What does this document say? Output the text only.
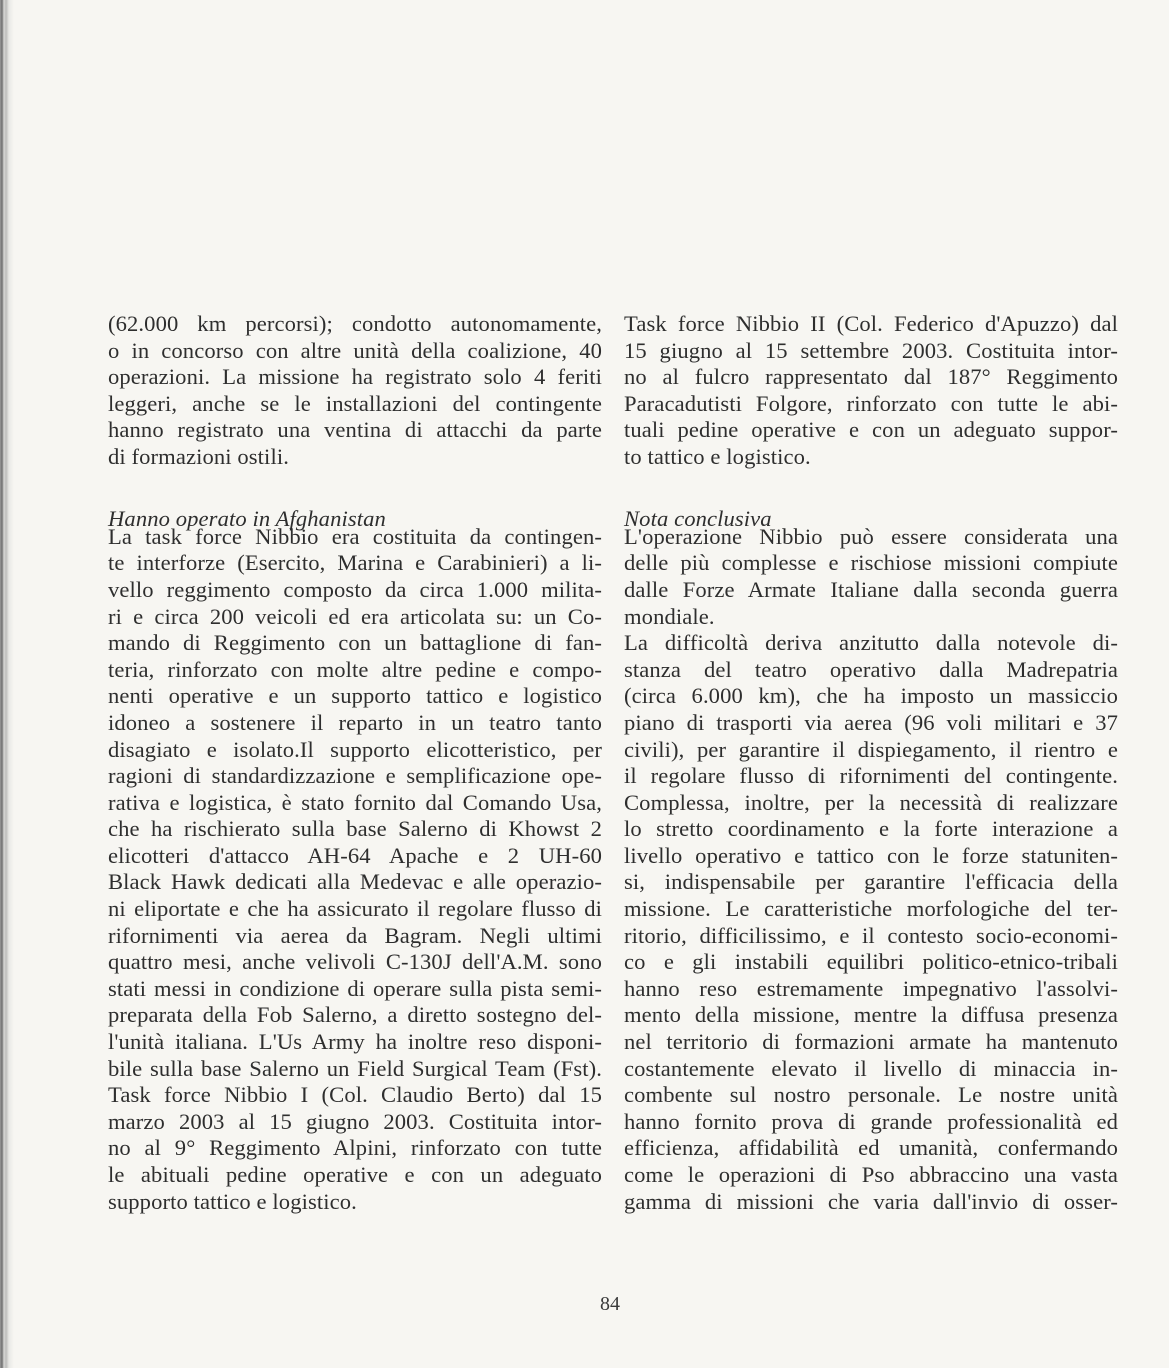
(62.000 km percorsi); condotto autonomamente,
o in concorso con altre unità della coalizione, 40
operazioni. La missione ha registrato solo 4 feriti
leggeri, anche se le installazioni del contingente
hanno registrato una ventina di attacchi da parte
di formazioni ostili.
Hanno operato in Afghanistan
La task force Nibbio era costituita da contingen-
te interforze (Esercito, Marina e Carabinieri) a li-
vello reggimento composto da circa 1.000 milita-
ri e circa 200 veicoli ed era articolata su: un Co-
mando di Reggimento con un battaglione di fan-
teria, rinforzato con molte altre pedine e compo-
nenti operative e un supporto tattico e logistico
idoneo a sostenere il reparto in un teatro tanto
disagiato e isolato.Il supporto elicotteristico, per
ragioni di standardizzazione e semplificazione ope-
rativa e logistica, è stato fornito dal Comando Usa,
che ha rischierato sulla base Salerno di Khowst 2
elicotteri d'attacco AH-64 Apache e 2 UH-60
Black Hawk dedicati alla Medevac e alle operazio-
ni eliportate e che ha assicurato il regolare flusso di
rifornimenti via aerea da Bagram. Negli ultimi
quattro mesi, anche velivoli C-130J dell'A.M. sono
stati messi in condizione di operare sulla pista semi-
preparata della Fob Salerno, a diretto sostegno del-
l'unità italiana. L'Us Army ha inoltre reso disponi-
bile sulla base Salerno un Field Surgical Team (Fst).
Task force Nibbio I (Col. Claudio Berto) dal 15
marzo 2003 al 15 giugno 2003. Costituita intor-
no al 9° Reggimento Alpini, rinforzato con tutte
le abituali pedine operative e con un adeguato
supporto tattico e logistico.
Task force Nibbio II (Col. Federico d'Apuzzo) dal
15 giugno al 15 settembre 2003. Costituita intor-
no al fulcro rappresentato dal 187° Reggimento
Paracadutisti Folgore, rinforzato con tutte le abi-
tuali pedine operative e con un adeguato suppor-
to tattico e logistico.
Nota conclusiva
L'operazione Nibbio può essere considerata una
delle più complesse e rischiose missioni compiute
dalle Forze Armate Italiane dalla seconda guerra
mondiale.
La difficoltà deriva anzitutto dalla notevole di-
stanza del teatro operativo dalla Madrepatria
(circa 6.000 km), che ha imposto un massiccio
piano di trasporti via aerea (96 voli militari e 37
civili), per garantire il dispiegamento, il rientro e
il regolare flusso di rifornimenti del contingente.
Complessa, inoltre, per la necessità di realizzare
lo stretto coordinamento e la forte interazione a
livello operativo e tattico con le forze statuniten-
si, indispensabile per garantire l'efficacia della
missione. Le caratteristiche morfologiche del ter-
ritorio, difficilissimo, e il contesto socio-economi-
co e gli instabili equilibri politico-etnico-tribali
hanno reso estremamente impegnativo l'assolvi-
mento della missione, mentre la diffusa presenza
nel territorio di formazioni armate ha mantenuto
costantemente elevato il livello di minaccia in-
combente sul nostro personale. Le nostre unità
hanno fornito prova di grande professionalità ed
efficienza, affidabilità ed umanità, confermando
come le operazioni di Pso abbraccino una vasta
gamma di missioni che varia dall'invio di osser-
84
